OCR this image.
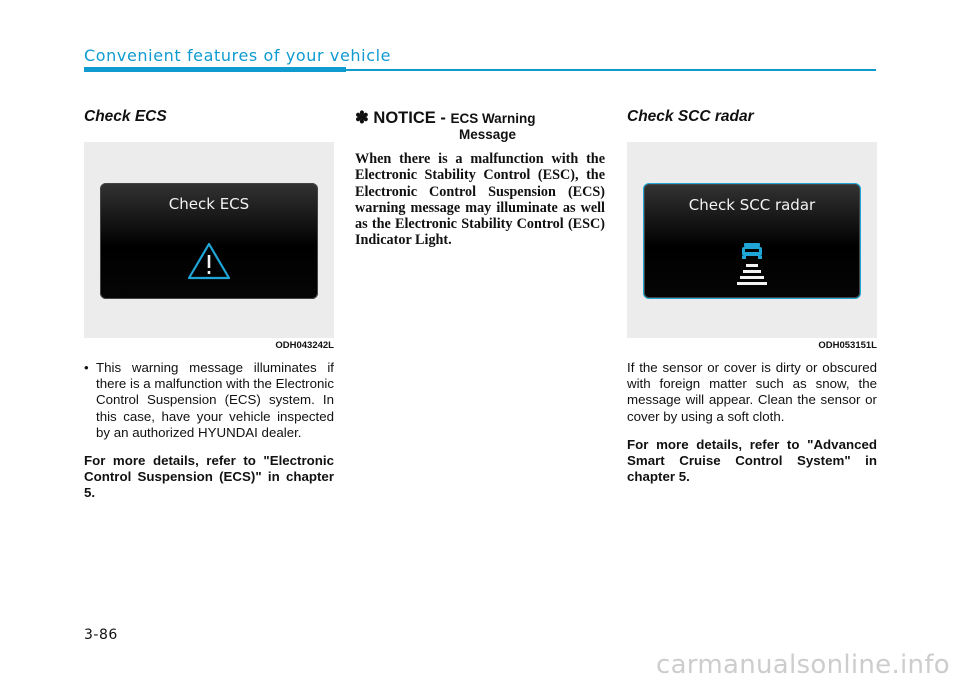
Convenient features of your vehicle
Check ECS
Check ECS
ODH043242L
• This warning message illuminates if there is a malfunction with the Electronic Control Suspension (ECS) system. In this case, have your vehicle inspected by an authorized HYUNDAI dealer.

For more details, refer to "Electronic Control Suspension (ECS)" in chapter 5.

✽ NOTICE - ECS Warning
Message

When there is a malfunction with the Electronic Stability Control (ESC), the Electronic Control Suspension (ECS) warning message may illuminate as well as the Electronic Stability Control (ESC) Indicator Light.

Check SCC radar
Check SCC radar
ODH053151L

If the sensor or cover is dirty or obscured with foreign matter such as snow, the message will appear. Clean the sensor or cover by using a soft cloth.

For more details, refer to "Advanced Smart Cruise Control System" in chapter 5.

3-86
carmanualsonline.info
